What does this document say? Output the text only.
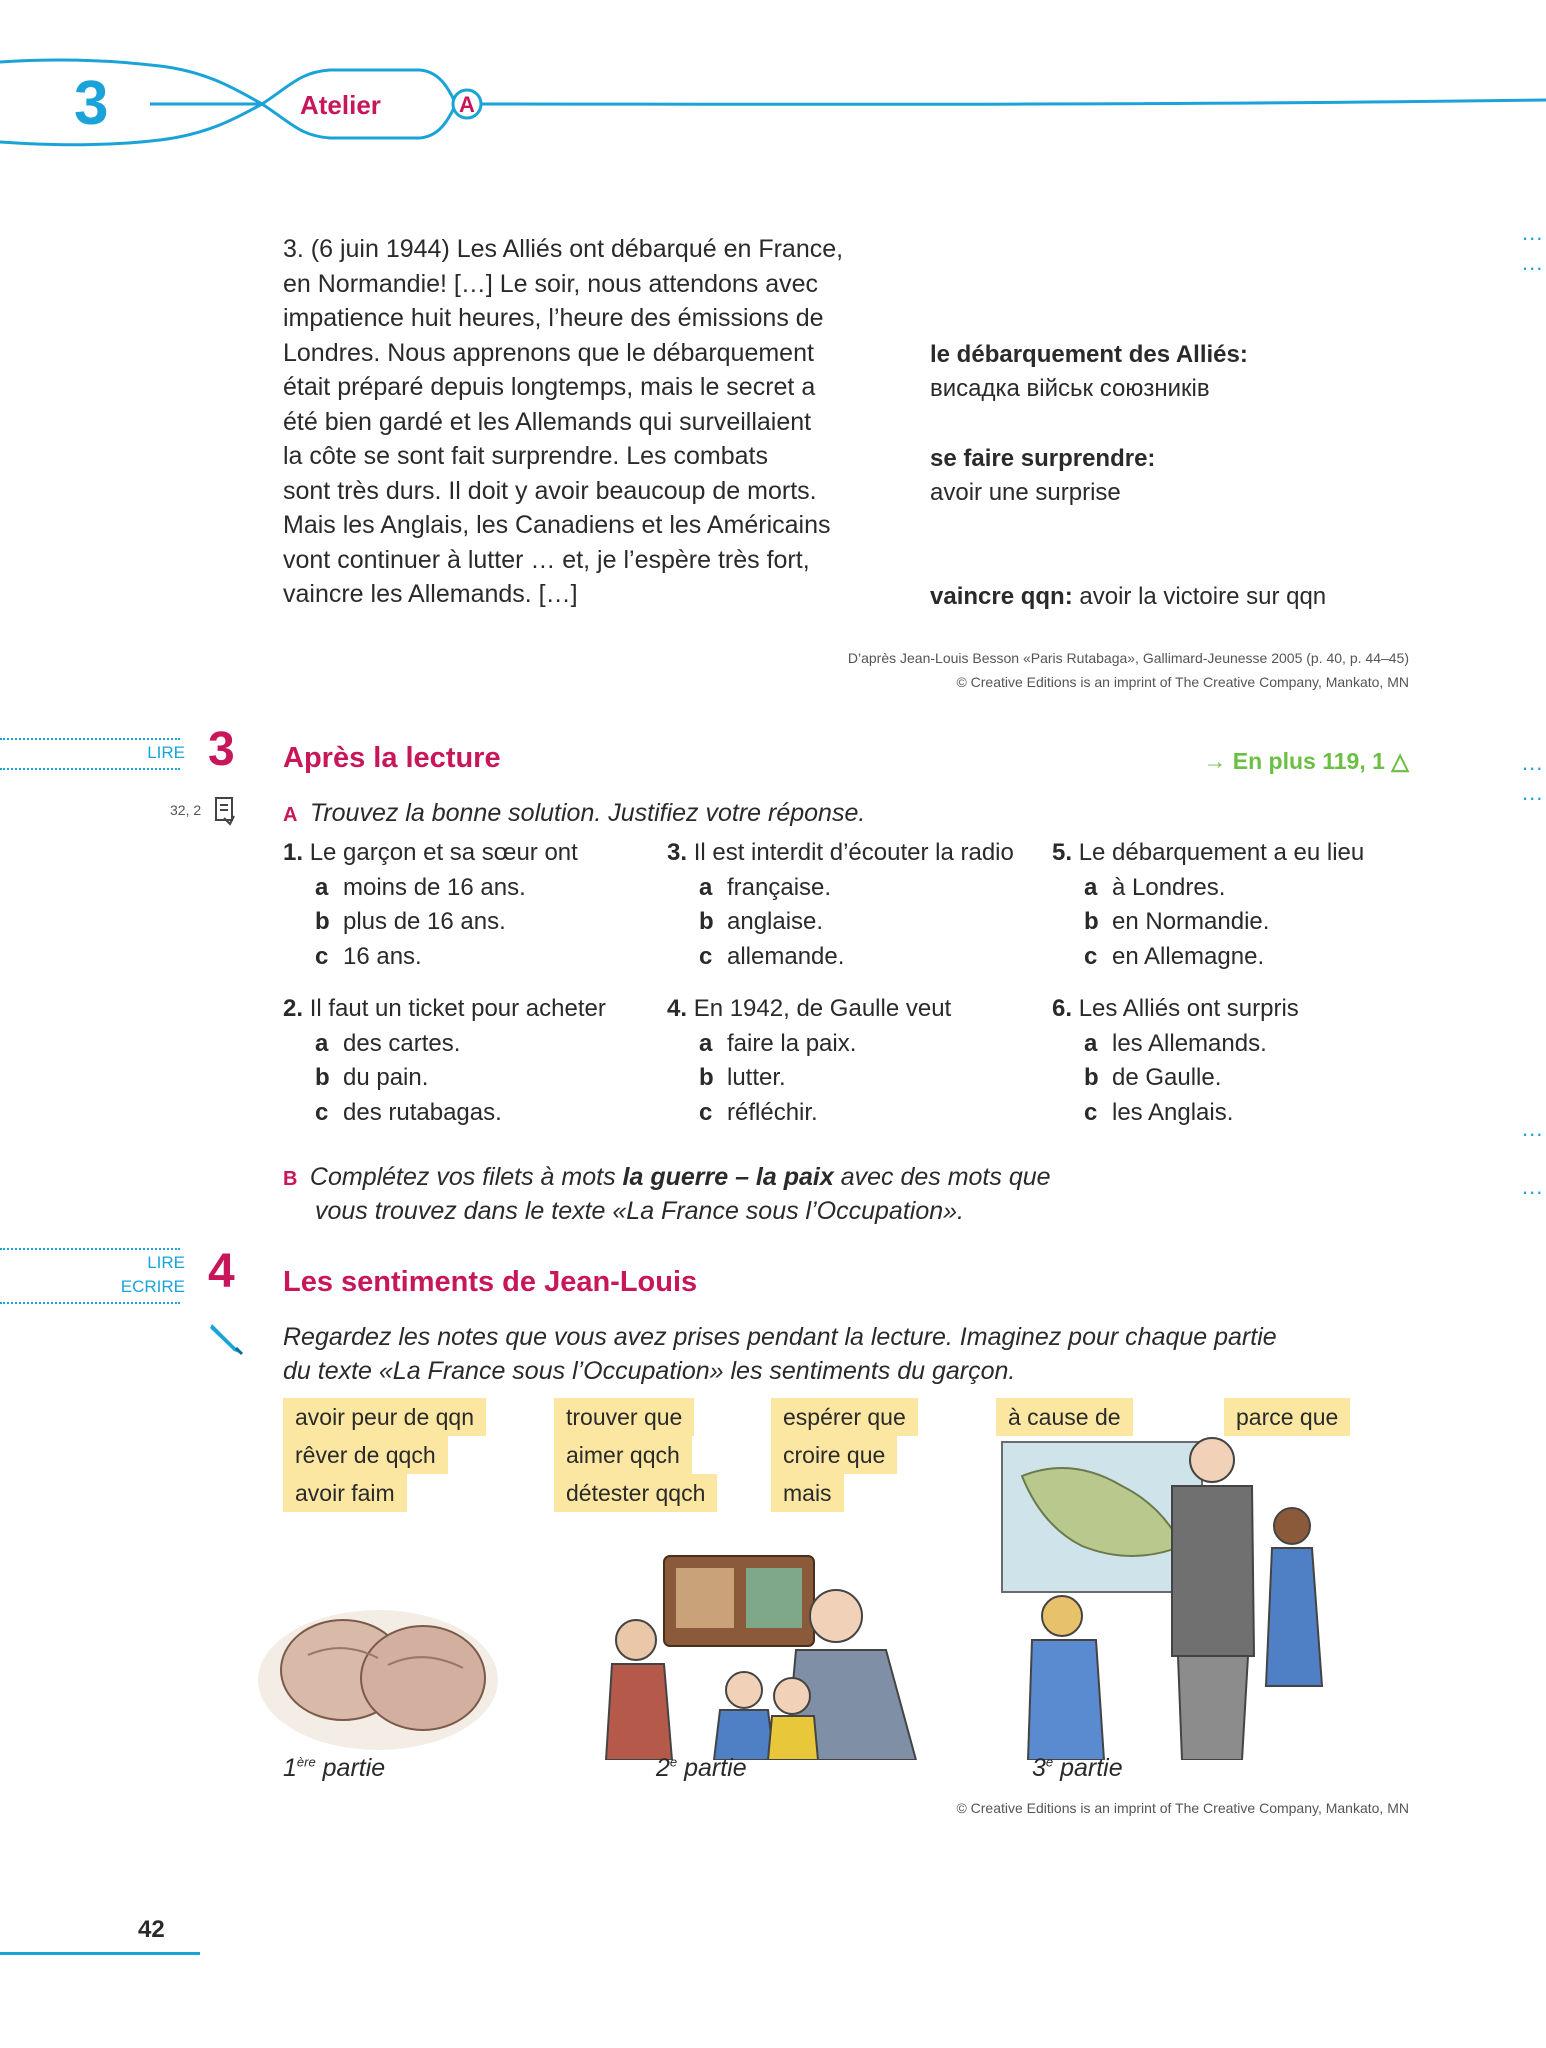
3	Atelier	A
...
...
...
...
...
...
3. (6 juin 1944) Les Alliés ont débarqué en France,
en Normandie! […] Le soir, nous attendons avec
impatience huit heures, l’heure des émissions de
Londres. Nous apprenons que le débarquement
était préparé depuis longtemps, mais le secret a
été bien gardé et les Allemands qui surveillaient
la côte se sont fait surprendre. Les combats
sont très durs. Il doit y avoir beaucoup de morts.
Mais les Anglais, les Canadiens et les Américains
vont continuer à lutter … et, je l’espère très fort,
vaincre les Allemands. […]
le débarquement des Alliés:
висадка військ союзників
se faire surprendre:
avoir une surprise
vaincre qqn: avoir la victoire sur qqn
D’après Jean-Louis Besson «Paris Rutabaga», Gallimard-Jeunesse 2005 (p. 40, p. 44–45)
© Creative Editions is an imprint of The Creative Company, Mankato, MN
LIRE 3 Après la lecture	→ En plus 119, 1 △
32, 2	A Trouvez la bonne solution. Justifiez votre réponse.
1. Le garçon et sa sœur ont
a moins de 16 ans.
b plus de 16 ans.
c 16 ans.
3. Il est interdit d’écouter la radio
a française.
b anglaise.
c allemande.
5. Le débarquement a eu lieu
a à Londres.
b en Normandie.
c en Allemagne.
2. Il faut un ticket pour acheter
a des cartes.
b du pain.
c des rutabagas.
4. En 1942, de Gaulle veut
a faire la paix.
b lutter.
c réfléchir.
6. Les Alliés ont surpris
a les Allemands.
b de Gaulle.
c les Anglais.
B Complétez vos filets à mots la guerre – la paix avec des mots que
vous trouvez dans le texte «La France sous l’Occupation».
LIRE
ECRIRE 4 Les sentiments de Jean-Louis
Regardez les notes que vous avez prises pendant la lecture. Imaginez pour chaque partie
du texte «La France sous l’Occupation» les sentiments du garçon.
avoir peur de qqn
rêver de qqch
avoir faim
trouver que
aimer qqch
détester qqch
espérer que
croire que
mais
à cause de	parce que
1ère partie	2e partie	3e partie
© Creative Editions is an imprint of The Creative Company, Mankato, MN
42
